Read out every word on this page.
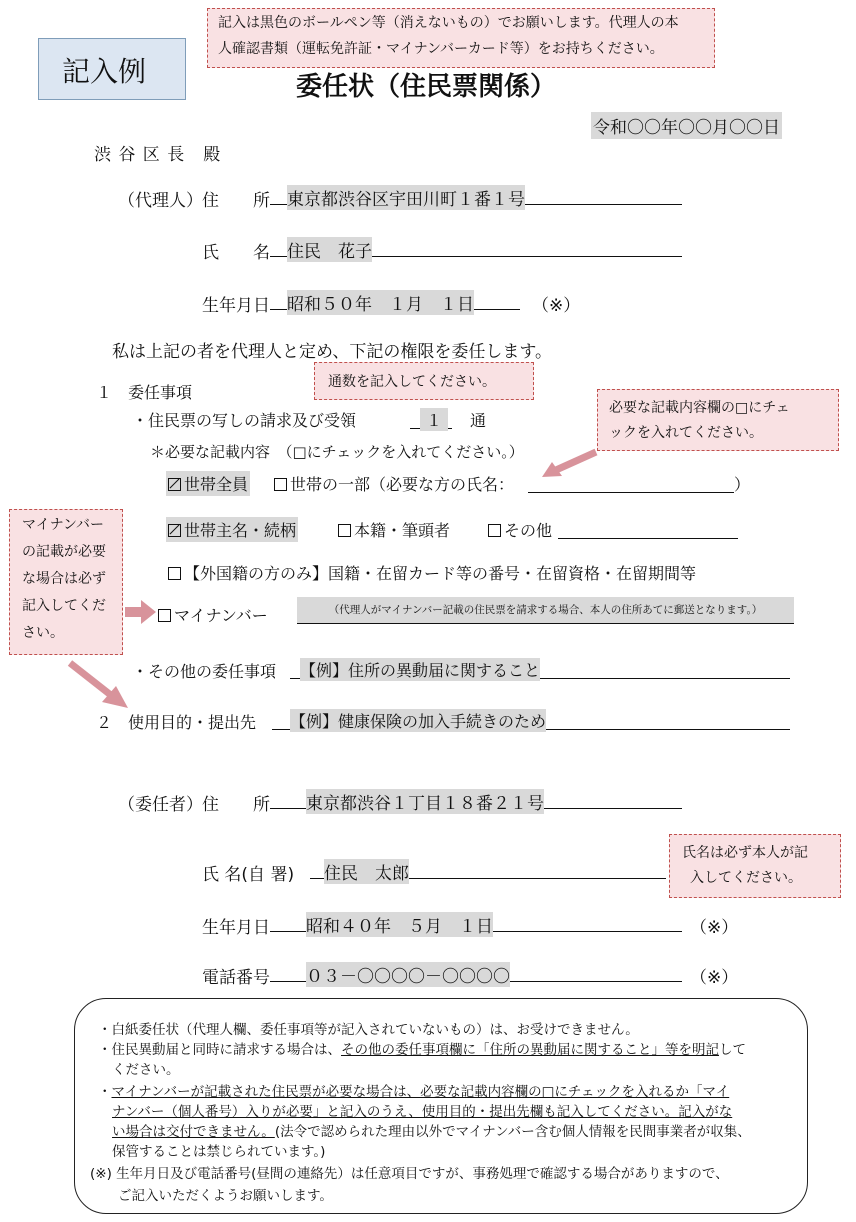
記入例
記入は黒色のボールペン等（消えないもの）でお願いします。代理人の本
人確認書類（運転免許証・マイナンバーカード等）をお持ちください。
委任状（住民票関係）
令和〇〇年〇〇月〇〇日
渋 谷 区 長　殿
（代理人） 住　　所 東京都渋谷区宇田川町１番１号
氏　　名 住民　花子
生年月日 昭和５０年　１月　１日	（※）
私は上記の者を代理人と定め、下記の権限を委任します。
１　委任事項
通数を記入してください。
・住民票の写しの請求及び受領	１	通
必要な記載内容欄の□にチェ
ックを入れてください。
＊必要な記載内容　（□にチェックを入れてください。）
世帯全員	世帯の一部（必要な方の氏名：	）
世帯主名・続柄	本籍・筆頭者	その他
【外国籍の方のみ】国籍・在留カード等の番号・在留資格・在留期間等
マイナンバー
の記載が必要
な場合は必ず
記入してくだ
さい。
マイナンバー	（代理人がマイナンバー記載の住民票を請求する場合、本人の住所あてに郵送となります。）
・その他の委任事項 【例】住所の異動届に関すること
２　使用目的・提出先 【例】健康保険の加入手続きのため
（委任者） 住　　所 東京都渋谷１丁目１８番２１号
氏 名(自 署) 住民　太郎
氏名は必ず本人が記
入してください。
生年月日 昭和４０年　５月　１日	（※）
電話番号 ０３－〇〇〇〇－〇〇〇〇	（※）
・白紙委任状（代理人欄、委任事項等が記入されていないもの）は、お受けできません。
・住民異動届と同時に請求する場合は、その他の委任事項欄に「住所の異動届に関すること」等を明記して
ください。
・マイナンバーが記載された住民票が必要な場合は、必要な記載内容欄の□にチェックを入れるか「マイ
ナンバー（個人番号）入りが必要」と記入のうえ、使用目的・提出先欄も記入してください。記入がな
い場合は交付できません。(法令で認められた理由以外でマイナンバー含む個人情報を民間事業者が収集、
保管することは禁じられています。)
(※) 生年月日及び電話番号(昼間の連絡先）は任意項目ですが、事務処理で確認する場合がありますので、
ご記入いただくようお願いします。
